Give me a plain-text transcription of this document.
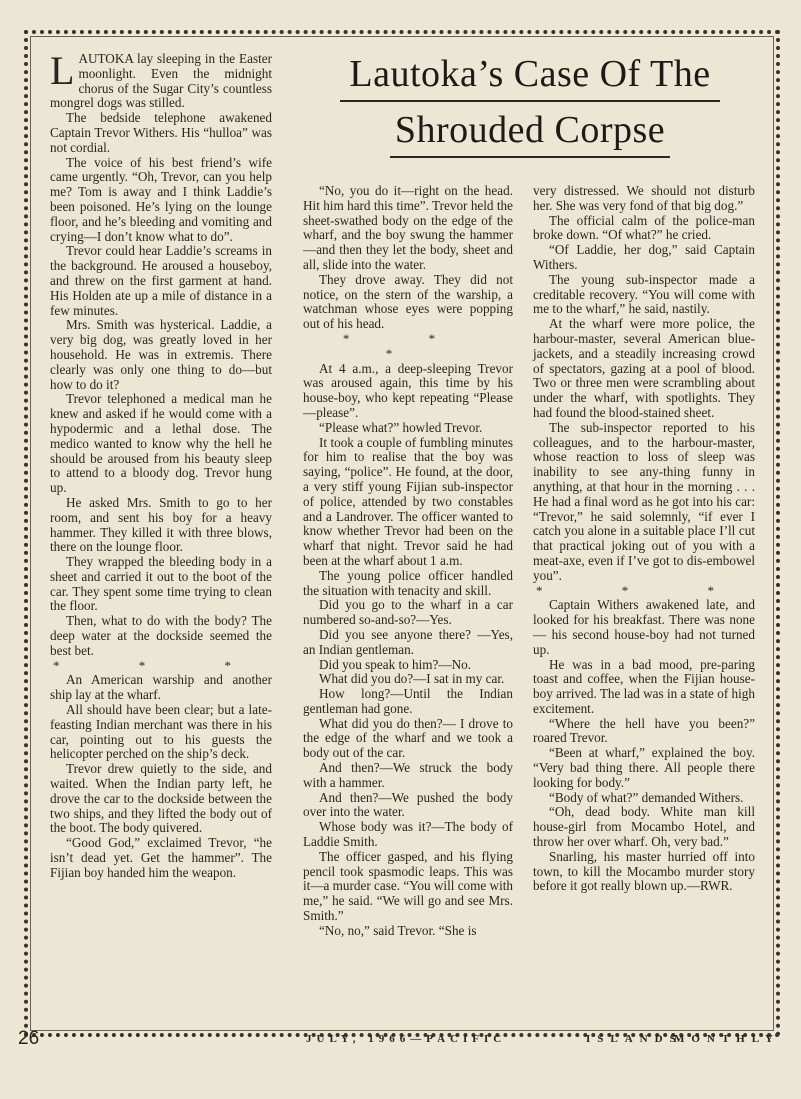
Lautoka’s Case Of The
Shrouded Corpse

LAUTOKA lay sleeping in the Easter moonlight. Even the midnight chorus of the Sugar City’s countless mongrel dogs was stilled.

The bedside telephone awakened Captain Trevor Withers. His “hulloa” was not cordial.

The voice of his best friend’s wife came urgently. “Oh, Trevor, can you help me? Tom is away and I think Laddie’s been poisoned. He’s lying on the lounge floor, and he’s bleeding and vomiting and crying—I don’t know what to do”.

Trevor could hear Laddie’s screams in the background. He aroused a houseboy, and threw on the first garment at hand. His Holden ate up a mile of distance in a few minutes.

Mrs. Smith was hysterical. Laddie, a very big dog, was greatly loved in her household. He was in extremis. There clearly was only one thing to do—but how to do it?

Trevor telephoned a medical man he knew and asked if he would come with a hypodermic and a lethal dose. The medico wanted to know why the hell he should be aroused from his beauty sleep to attend to a bloody dog. Trevor hung up.

He asked Mrs. Smith to go to her room, and sent his boy for a heavy hammer. They killed it with three blows, there on the lounge floor.

They wrapped the bleeding body in a sheet and carried it out to the boot of the car. They spent some time trying to clean the floor.

Then, what to do with the body? The deep water at the dockside seemed the best bet.

* * *

An American warship and another ship lay at the wharf.

All should have been clear; but a late-feasting Indian merchant was there in his car, pointing out to his guests the helicopter perched on the ship’s deck.

Trevor drew quietly to the side, and waited. When the Indian party left, he drove the car to the dockside between the two ships, and they lifted the body out of the boot. The body quivered.

“Good God,” exclaimed Trevor, “he isn’t dead yet. Get the hammer”. The Fijian boy handed him the weapon.

“No, you do it—right on the head. Hit him hard this time”. Trevor held the sheet-swathed body on the edge of the wharf, and the boy swung the hammer —and then they let the body, sheet and all, slide into the water.

They drove away. They did not notice, on the stern of the warship, a watchman whose eyes were popping out of his head.

* * *

At 4 a.m., a deep-sleeping Trevor was aroused again, this time by his house-boy, who kept repeating “Please—please”.

“Please what?” howled Trevor.

It took a couple of fumbling minutes for him to realise that the boy was saying, “police”. He found, at the door, a very stiff young Fijian sub-inspector of police, attended by two constables and a Landrover. The officer wanted to know whether Trevor had been on the wharf that night. Trevor said he had been at the wharf about 1 a.m.

The young police officer handled the situation with tenacity and skill.

Did you go to the wharf in a car numbered so-and-so?—Yes.

Did you see anyone there? —Yes, an Indian gentleman.

Did you speak to him?—No.

What did you do?—I sat in my car.

How long?—Until the Indian gentleman had gone.

What did you do then?— I drove to the edge of the wharf and we took a body out of the car.

And then?—We struck the body with a hammer.

And then?—We pushed the body over into the water.

Whose body was it?—The body of Laddie Smith.

The officer gasped, and his flying pencil took spasmodic leaps. This was it—a murder case. “You will come with me,” he said. “We will go and see Mrs. Smith.”

“No, no,” said Trevor. “She is

very distressed. We should not disturb her. She was very fond of that big dog.”

The official calm of the police-man broke down. “Of what?” he cried.

“Of Laddie, her dog,” said Captain Withers.

The young sub-inspector made a creditable recovery. “You will come with me to the wharf,” he said, nastily.

At the wharf were more police, the harbour-master, several American blue-jackets, and a steadily increasing crowd of spectators, gazing at a pool of blood. Two or three men were scrambling about under the wharf, with spotlights. They had found the blood-stained sheet.

The sub-inspector reported to his colleagues, and to the harbour-master, whose reaction to loss of sleep was inability to see any-thing funny in anything, at that hour in the morning . . . He had a final word as he got into his car: “Trevor,” he said solemnly, “if ever I catch you alone in a suitable place I’ll cut that practical joking out of you with a meat-axe, even if I’ve got to dis-embowel you”.

* * *

Captain Withers awakened late, and looked for his breakfast. There was none — his second house-boy had not turned up.

He was in a bad mood, pre-paring toast and coffee, when the Fijian house-boy arrived. The lad was in a state of high excitement.

“Where the hell have you been?” roared Trevor.

“Been at wharf,” explained the boy. “Very bad thing there. All people there looking for body.”

“Body of what?” demanded Withers.

“Oh, dead body. White man kill house-girl from Mocambo Hotel, and throw her over wharf. Oh, very bad.”

Snarling, his master hurried off into town, to kill the Mocambo murder story before it got really blown up.—RWR.

26	JULY, 1966—PACIFIC	ISLANDS
MONTHLY
